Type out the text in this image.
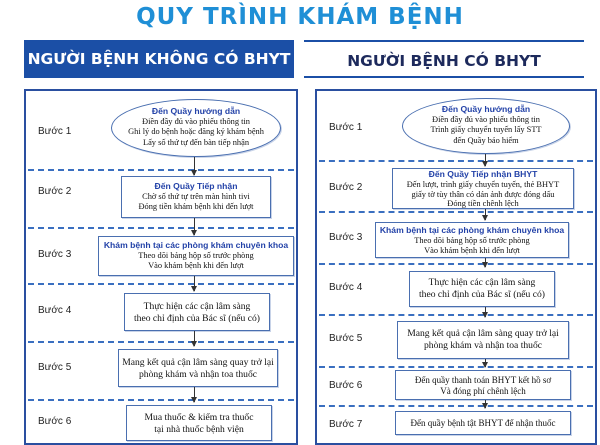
QUY TRÌNH KHÁM BỆNH
NGƯỜI BỆNH KHÔNG CÓ BHYT	NGƯỜI BỆNH CÓ BHYT
Bước 1
Bước 2
Bước 3
Bước 4
Bước 5
Bước 6
Đến Quầy hướng dẫn
Điền đầy đủ vào phiếu thông tin
Ghi lý do bệnh hoặc đăng ký khám bệnh
Lấy số thứ tự đến bàn tiếp nhận
Đến Quầy Tiếp nhận
Chờ số thứ tự trên màn hình tivi
Đóng tiền khám bệnh khi đến lượt
Khám bệnh tại các phòng khám chuyên khoa
Theo dõi bảng hộp số trước phòng
Vào khám bệnh khi đến lượt
Thực hiện các cận lâm sàng
theo chỉ định của Bác sĩ (nếu có)
Mang kết quả cận lâm sàng quay trở lại
phòng khám và nhận toa thuốc
Mua thuốc & kiểm tra thuốc
tại nhà thuốc bệnh viện
Bước 1
Bước 2
Bước 3
Bước 4
Bước 5
Bước 6
Bước 7
Đến Quầy hướng dẫn
Điền đầy đủ vào phiếu thông tin
Trình giấy chuyển tuyến lấy STT
đến Quầy bảo hiểm
Đến Quầy Tiếp nhận BHYT
Đến lượt, trình giấy chuyển tuyến, thẻ BHYT
giấy tờ tùy thân có dán ảnh được đóng dấu
Đóng tiền chênh lệch
Khám bệnh tại các phòng khám chuyên khoa
Theo dõi bảng hộp số trước phòng
Vào khám bệnh khi đến lượt
Thực hiện các cận lâm sàng
theo chỉ định của Bác sĩ (nếu có)
Mang kết quả cận lâm sàng quay trở lại
phòng khám và nhận toa thuốc
Đến quầy thanh toán BHYT kết hồ sơ
Và đóng phí chênh lệch
Đến quầy bệnh tật BHYT để nhận thuốc
